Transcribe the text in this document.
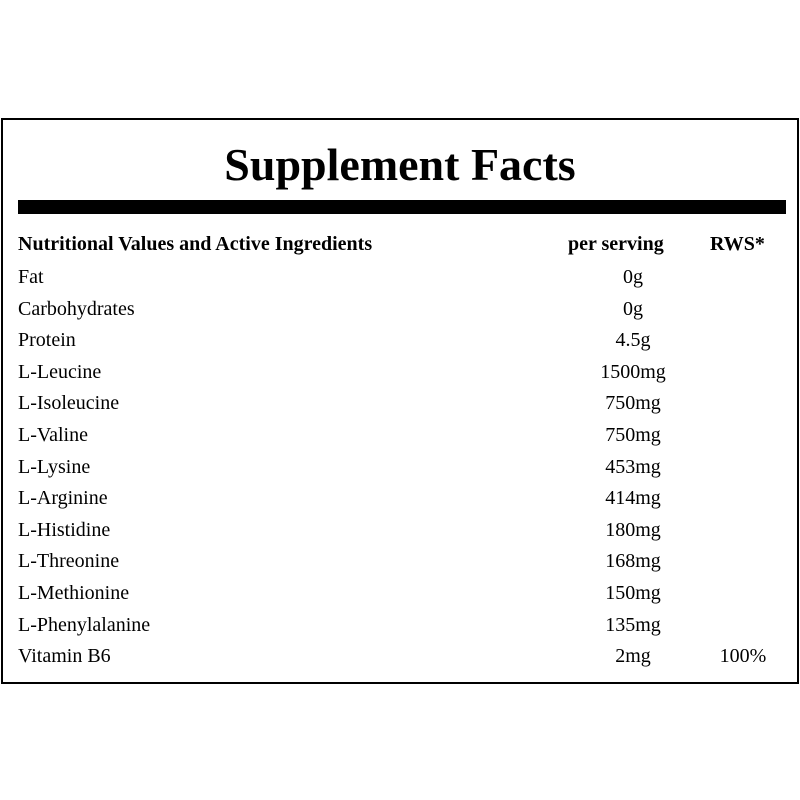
Supplement Facts
Nutritional Values and Active Ingredients	per serving RWS*
Fat	0g
Carbohydrates	0g
Protein	4.5g
L-Leucine	1500mg
L-Isoleucine	750mg
L-Valine	750mg
L-Lysine	453mg
L-Arginine	414mg
L-Histidine	180mg
L-Threonine	168mg
L-Methionine	150mg
L-Phenylalanine	135mg
Vitamin B6	2mg	100%
